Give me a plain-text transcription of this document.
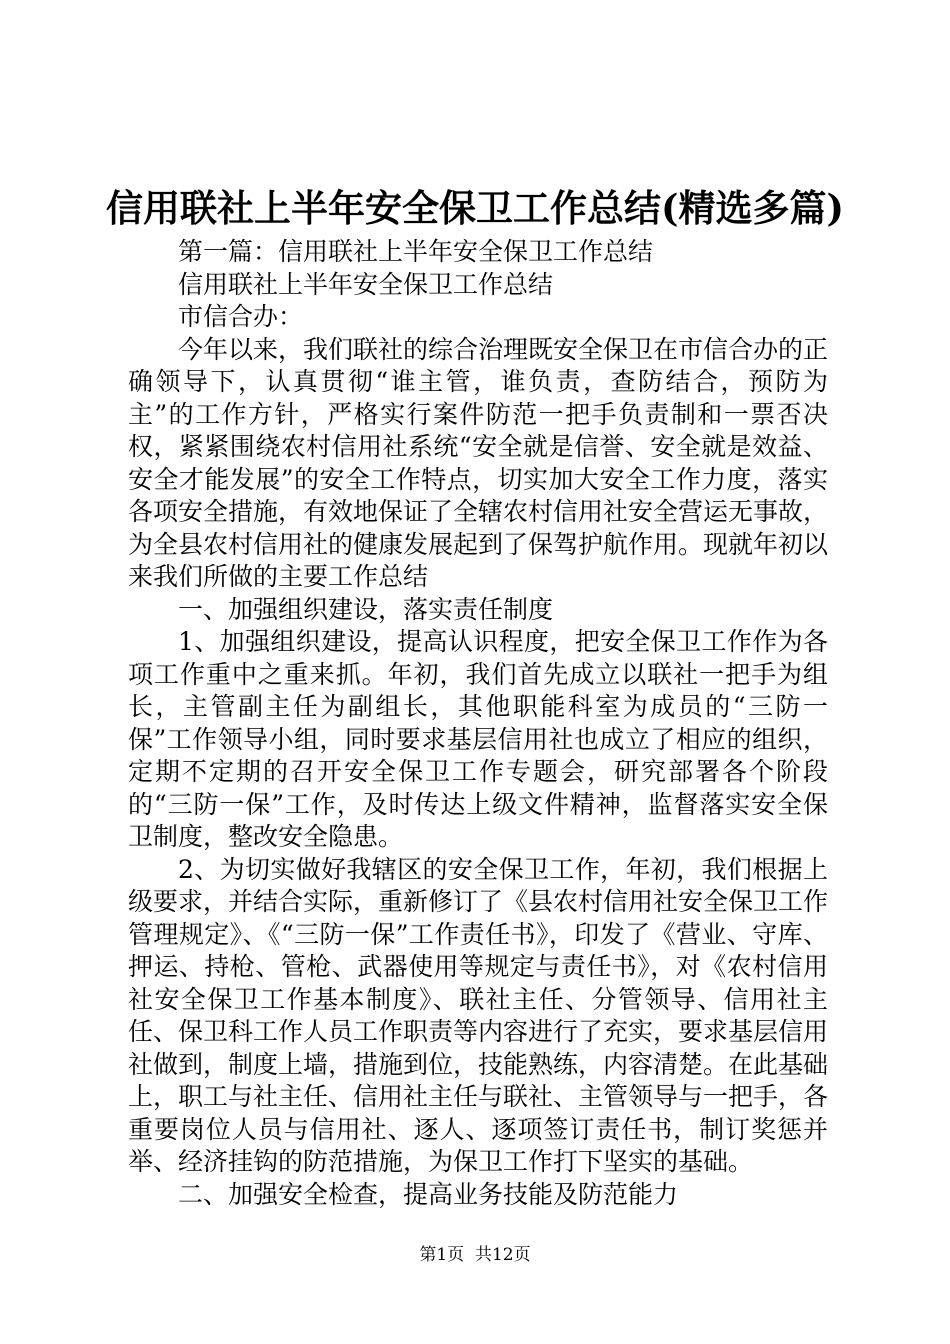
信用联社上半年安全保卫工作总结(精选多篇)

第一篇：信用联社上半年安全保卫工作总结

信用联社上半年安全保卫工作总结

市信合办：

今年以来，我们联社的综合治理既安全保卫在市信合办的正确领导下，认真贯彻“谁主管，谁负责，查防结合，预防为主”的工作方针，严格实行案件防范一把手负责制和一票否决权，紧紧围绕农村信用社系统“安全就是信誉、安全就是效益、安全才能发展”的安全工作特点，切实加大安全工作力度，落实各项安全措施，有效地保证了全辖农村信用社安全营运无事故，为全县农村信用社的健康发展起到了保驾护航作用。现就年初以来我们所做的主要工作总结

一、加强组织建设，落实责任制度

1、加强组织建设，提高认识程度，把安全保卫工作作为各项工作重中之重来抓。年初，我们首先成立以联社一把手为组长，主管副主任为副组长，其他职能科室为成员的“三防一保”工作领导小组，同时要求基层信用社也成立了相应的组织，定期不定期的召开安全保卫工作专题会，研究部署各个阶段的“三防一保”工作，及时传达上级文件精神，监督落实安全保卫制度，整改安全隐患。

2、为切实做好我辖区的安全保卫工作，年初，我们根据上级要求，并结合实际，重新修订了《县农村信用社安全保卫工作管理规定》、《“三防一保”工作责任书》，印发了《营业、守库、押运、持枪、管枪、武器使用等规定与责任书》，对《农村信用社安全保卫工作基本制度》、联社主任、分管领导、信用社主任、保卫科工作人员工作职责等内容进行了充实，要求基层信用社做到，制度上墙，措施到位，技能熟练，内容清楚。在此基础上，职工与社主任、信用社主任与联社、主管领导与一把手，各重要岗位人员与信用社、逐人、逐项签订责任书，制订奖惩并举、经济挂钩的防范措施，为保卫工作打下坚实的基础。

二、加强安全检查，提高业务技能及防范能力

第1页  共12页
